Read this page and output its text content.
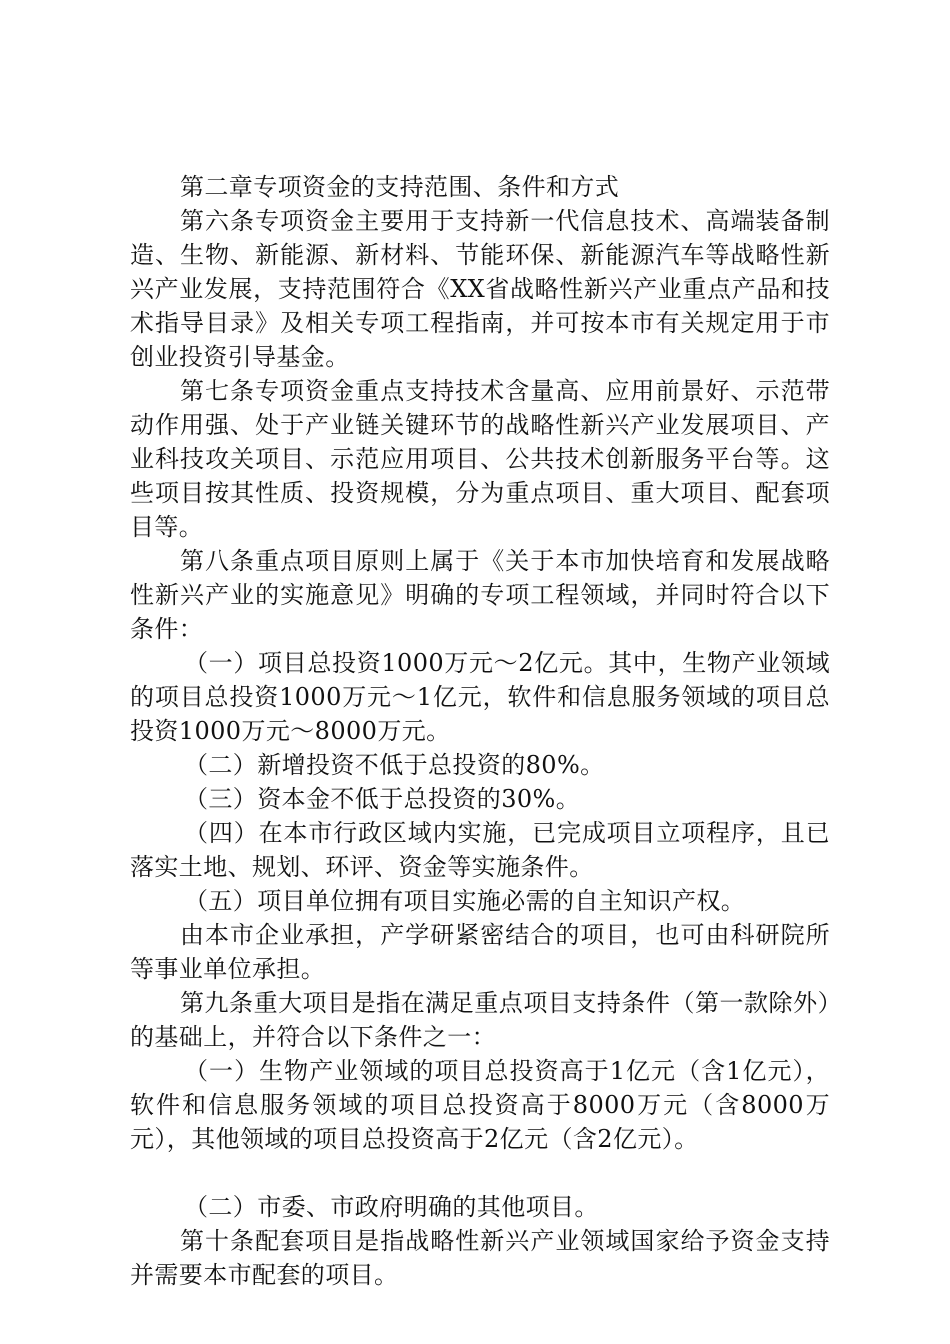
第二章专项资金的支持范围、条件和方式

第六条专项资金主要用于支持新一代信息技术、高端装备制造、生物、新能源、新材料、节能环保、新能源汽车等战略性新兴产业发展，支持范围符合《XX省战略性新兴产业重点产品和技术指导目录》及相关专项工程指南，并可按本市有关规定用于市创业投资引导基金。

第七条专项资金重点支持技术含量高、应用前景好、示范带动作用强、处于产业链关键环节的战略性新兴产业发展项目、产业科技攻关项目、示范应用项目、公共技术创新服务平台等。这些项目按其性质、投资规模，分为重点项目、重大项目、配套项目等。

第八条重点项目原则上属于《关于本市加快培育和发展战略性新兴产业的实施意见》明确的专项工程领域，并同时符合以下条件：

（一）项目总投资1000万元～2亿元。其中，生物产业领域的项目总投资1000万元～1亿元，软件和信息服务领域的项目总投资1000万元～8000万元。

（二）新增投资不低于总投资的80%。

（三）资本金不低于总投资的30%。

（四）在本市行政区域内实施，已完成项目立项程序，且已落实土地、规划、环评、资金等实施条件。

（五）项目单位拥有项目实施必需的自主知识产权。

由本市企业承担，产学研紧密结合的项目，也可由科研院所等事业单位承担。

第九条重大项目是指在满足重点项目支持条件（第一款除外）的基础上，并符合以下条件之一：

（一）生物产业领域的项目总投资高于1亿元（含1亿元），软件和信息服务领域的项目总投资高于8000万元（含8000万元），其他领域的项目总投资高于2亿元（含2亿元）。

（二）市委、市政府明确的其他项目。

第十条配套项目是指战略性新兴产业领域国家给予资金支持并需要本市配套的项目。
